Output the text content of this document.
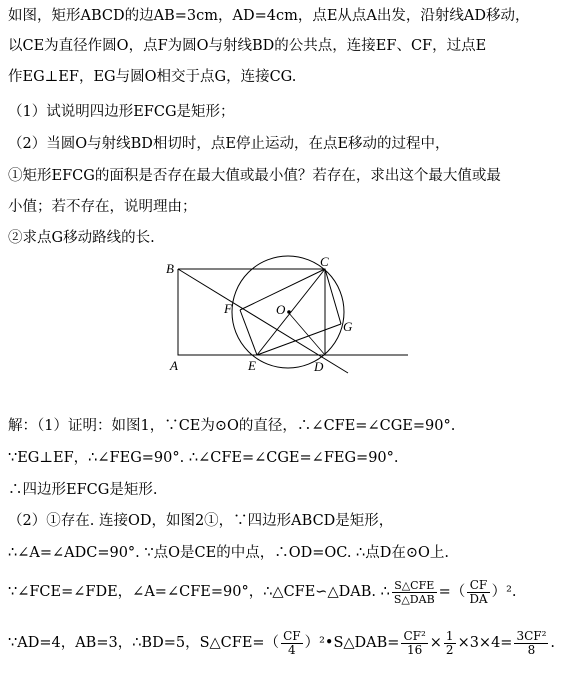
如图，矩形ABCD的边AB=3cm，AD=4cm，点E从点A出发，沿射线AD移动，
以CE为直径作圆O，点F为圆O与射线BD的公共点，连接EF、CF，过点E
作EG⊥EF，EG与圆O相交于点G，连接CG.
（1）试说明四边形EFCG是矩形；
（2）当圆O与射线BD相切时，点E停止运动，在点E移动的过程中，
①矩形EFCG的面积是否存在最大值或最小值？若存在，求出这个最大值或最
小值；若不存在，说明理由；
②求点G移动路线的长.
B	C
A	D
E
F
G
O
解：（1）证明：如图1，∵CE为⊙O的直径，∴∠CFE=∠CGE=90°.
∵EG⊥EF，∴∠FEG=90°. ∴∠CFE=∠CGE=∠FEG=90°.
∴四边形EFCG是矩形.
（2）①存在. 连接OD，如图2①，∵四边形ABCD是矩形，
∴∠A=∠ADC=90°. ∵点O是CE的中点，∴OD=OC. ∴点D在⊙O上.
∵∠FCE=∠FDE，∠A=∠CFE=90°，∴△CFE∽△DAB. ∴ $\frac{\text{S△CFE}}{\text{S△DAB}}$ =（ $\frac{CF}{DA} )^2$.
∵AD=4，AB=3，∴BD=5，S△CFE=（ $\frac{CF}{4}$ ）²•S△DAB= $\frac{\text{CF²}}{16} \times \frac{1}{2} \times 3\times 4= \frac{\text{3CF²}}{8}$ .
